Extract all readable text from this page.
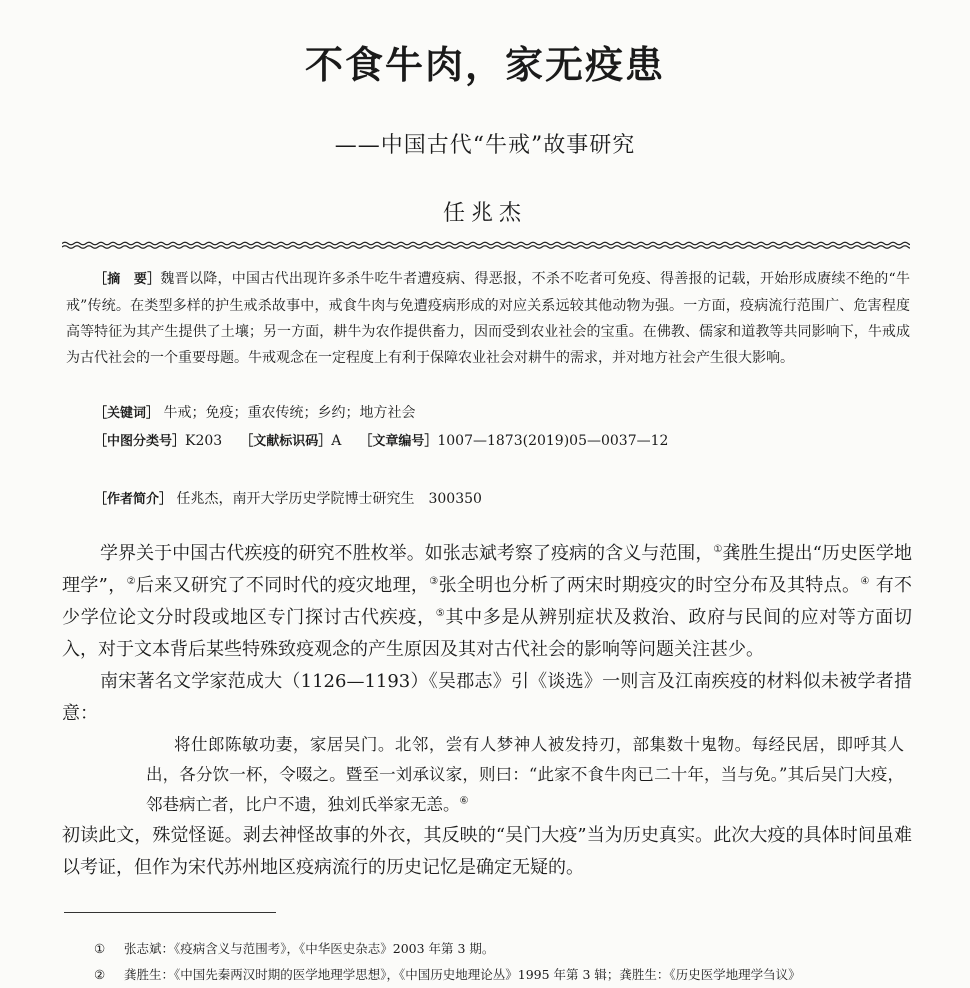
不食牛肉，家无疫患
——中国古代“牛戒”故事研究
任兆杰

［摘　要］魏晋以降，中国古代出现许多杀牛吃牛者遭疫病、得恶报，不杀不吃者可免疫、得善报的记载，开始形成赓续不绝的“牛戒”传统。在类型多样的护生戒杀故事中，戒食牛肉与免遭疫病形成的对应关系远较其他动物为强。一方面，疫病流行范围广、危害程度高等特征为其产生提供了土壤；另一方面，耕牛为农作提供畜力，因而受到农业社会的宝重。在佛教、儒家和道教等共同影响下，牛戒成为古代社会的一个重要母题。牛戒观念在一定程度上有利于保障农业社会对耕牛的需求，并对地方社会产生很大影响。

［关键词］ 牛戒；免疫；重农传统；乡约；地方社会
［中图分类号］K203 ［文献标识码］A ［文章编号］1007—1873(2019)05—0037—12
［作者简介］ 任兆杰，南开大学历史学院博士研究生　300350

学界关于中国古代疾疫的研究不胜枚举。如张志斌考察了疫病的含义与范围，①龚胜生提出“历史医学地理学”，②后来又研究了不同时代的疫灾地理，③张全明也分析了两宋时期疫灾的时空分布及其特点。④ 有不少学位论文分时段或地区专门探讨古代疾疫，⑤其中多是从辨别症状及救治、政府与民间的应对等方面切入，对于文本背后某些特殊致疫观念的产生原因及其对古代社会的影响等问题关注甚少。

南宋著名文学家范成大（1126—1193）《吴郡志》引《谈选》一则言及江南疾疫的材料似未被学者措意：

将仕郎陈敏功妻，家居吴门。北邻，尝有人梦神人被发持刃，部集数十鬼物。每经民居，即呼其人出，各分饮一杯，令啜之。暨至一刘承议家，则曰：“此家不食牛肉已二十年，当与免。”其后吴门大疫，邻巷病亡者，比户不遗，独刘氏举家无恙。⑥

初读此文，殊觉怪诞。剥去神怪故事的外衣，其反映的“吴门大疫”当为历史真实。此次大疫的具体时间虽难以考证，但作为宋代苏州地区疫病流行的历史记忆是确定无疑的。

① 张志斌：《疫病含义与范围考》，《中华医史杂志》2003 年第 3 期。
② 龚胜生：《中国先秦两汉时期的医学地理学思想》，《中国历史地理论丛》1995 年第 3 辑；龚胜生：《历史医学地理学刍议》
